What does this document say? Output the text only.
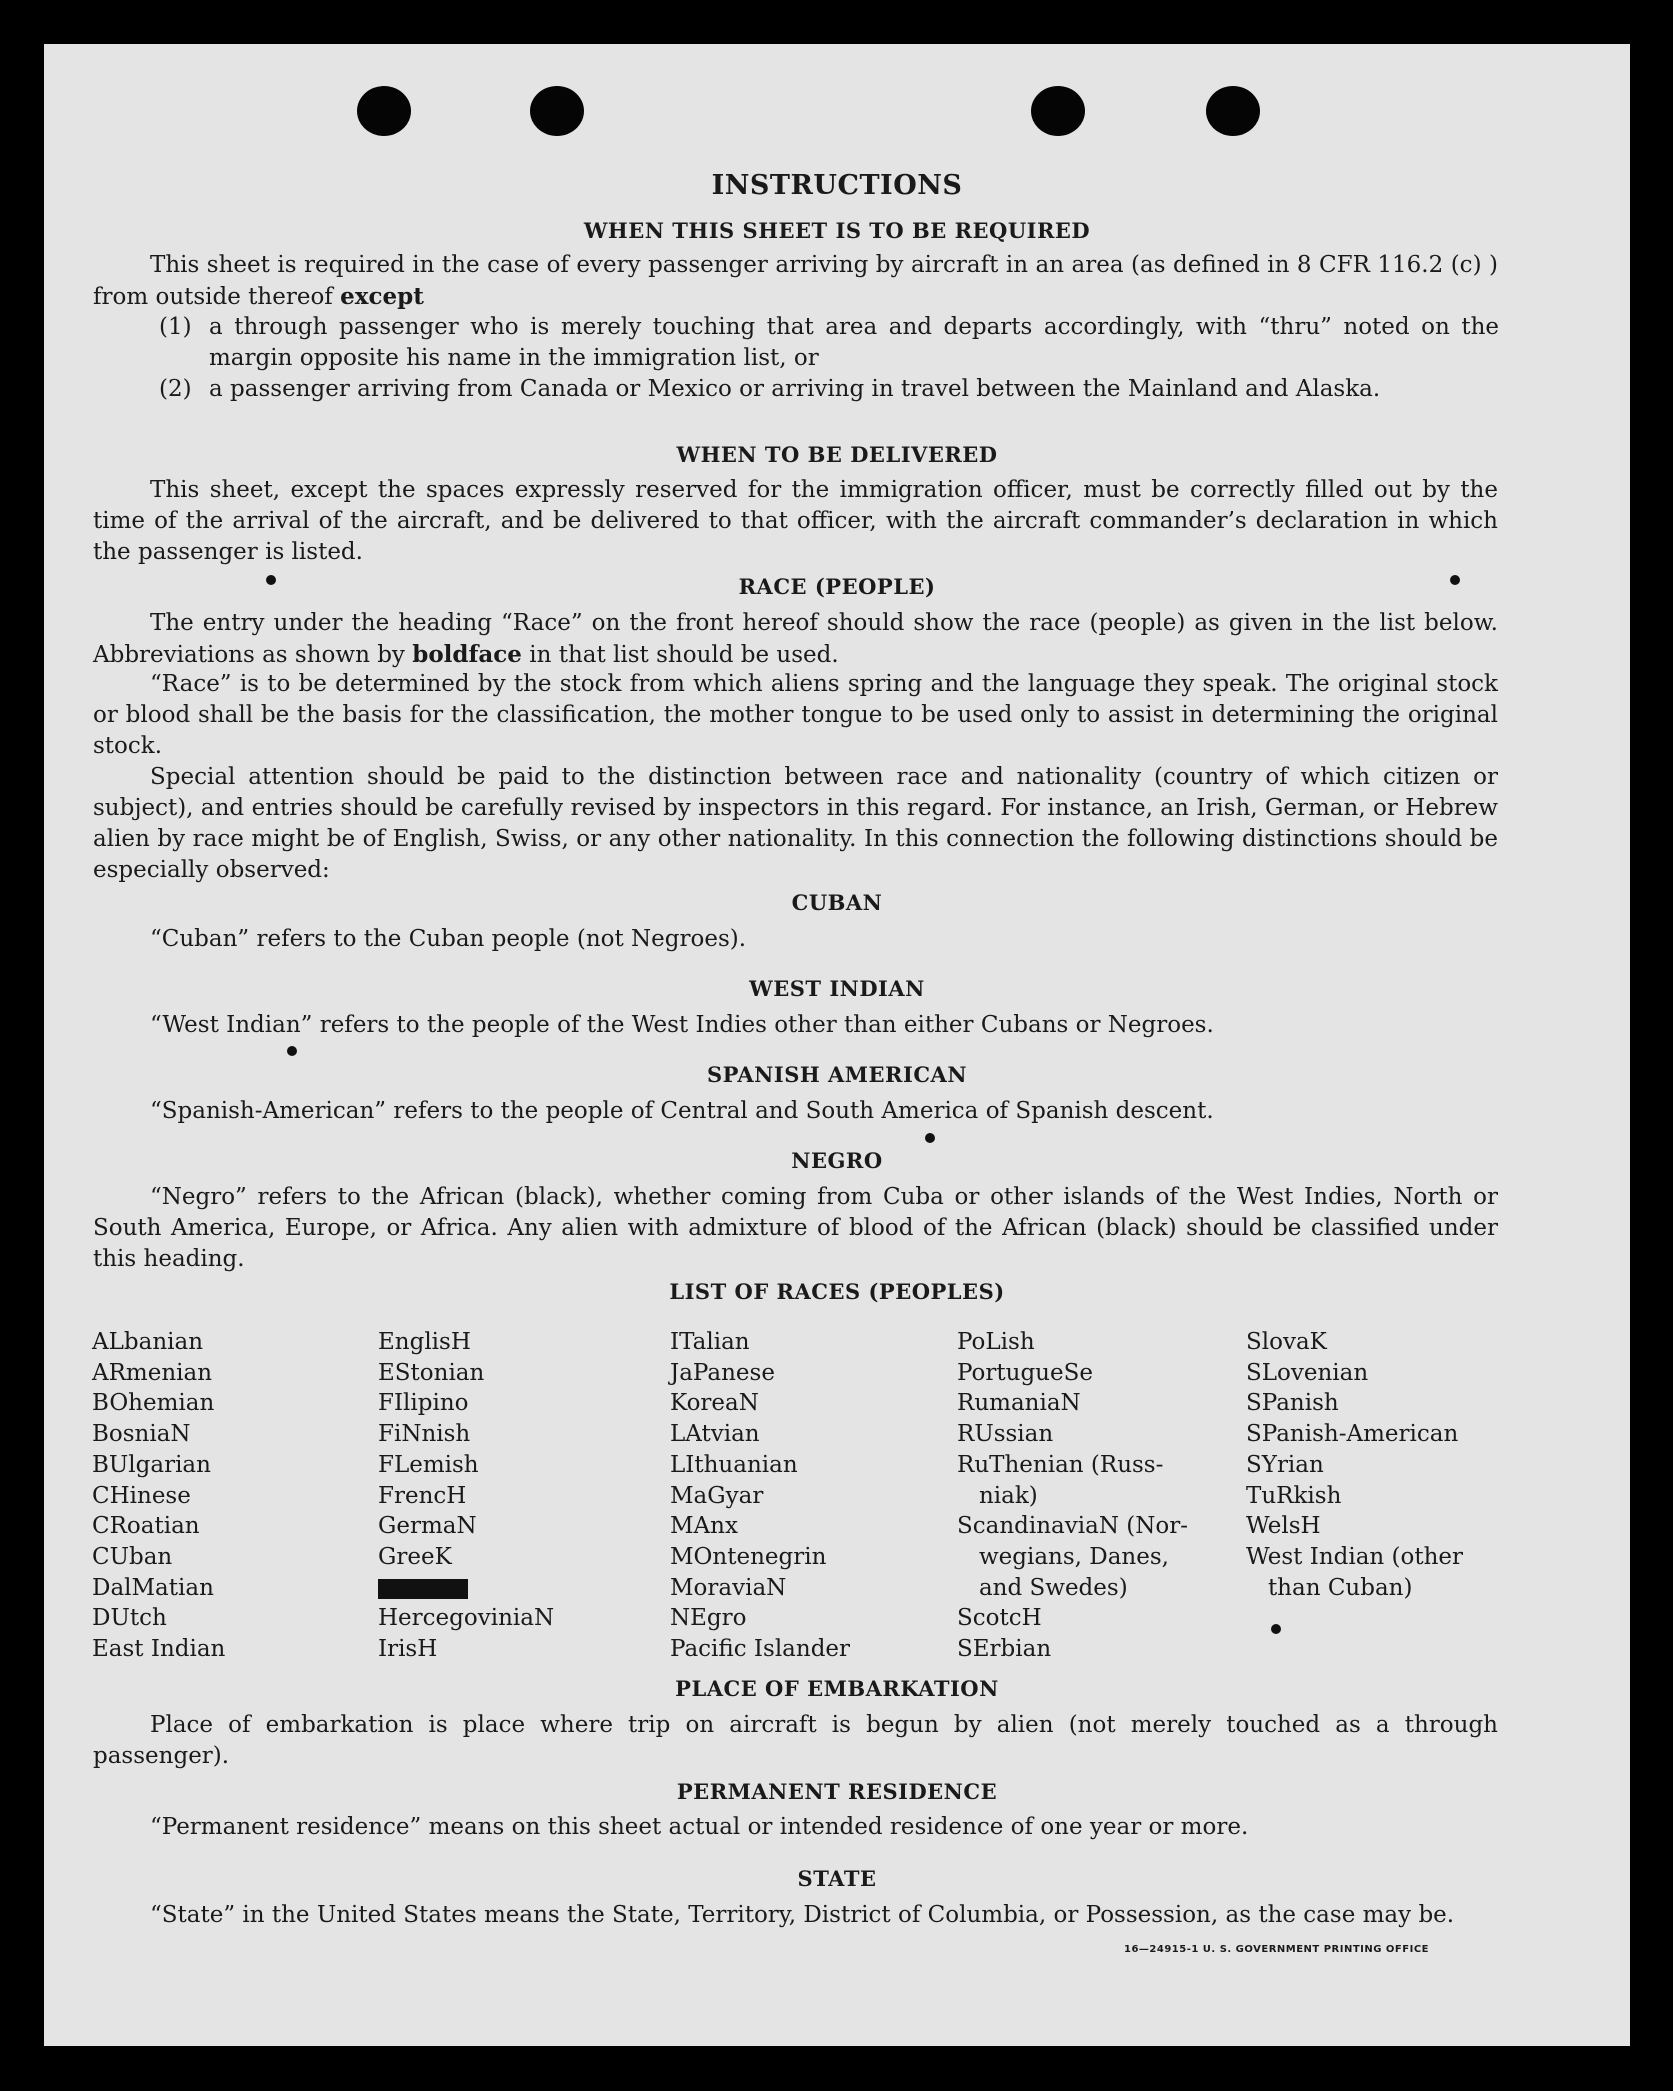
INSTRUCTIONS
WHEN THIS SHEET IS TO BE REQUIRED
This sheet is required in the case of every passenger arriving by aircraft in an area (as defined in 8 CFR 116.2 (c) ) from outside thereof except
(1) a through passenger who is merely touching that area and departs accordingly, with “thru” noted on the margin opposite his name in the immigration list, or
(2) a passenger arriving from Canada or Mexico or arriving in travel between the Mainland and Alaska.
WHEN TO BE DELIVERED
This sheet, except the spaces expressly reserved for the immigration officer, must be correctly filled out by the time of the arrival of the aircraft, and be delivered to that officer, with the aircraft commander’s declaration in which the passenger is listed.
RACE (PEOPLE)
The entry under the heading “Race” on the front hereof should show the race (people) as given in the list below. Abbreviations as shown by boldface in that list should be used.
“Race” is to be determined by the stock from which aliens spring and the language they speak. The original stock or blood shall be the basis for the classification, the mother tongue to be used only to assist in determining the original stock.
Special attention should be paid to the distinction between race and nationality (country of which citizen or subject), and entries should be carefully revised by inspectors in this regard. For instance, an Irish, German, or Hebrew alien by race might be of English, Swiss, or any other nationality. In this connection the following distinctions should be especially observed:
CUBAN
“Cuban” refers to the Cuban people (not Negroes).
WEST INDIAN
“West Indian” refers to the people of the West Indies other than either Cubans or Negroes.
SPANISH AMERICAN
“Spanish-American” refers to the people of Central and South America of Spanish descent.
NEGRO
“Negro” refers to the African (black), whether coming from Cuba or other islands of the West Indies, North or South America, Europe, or Africa. Any alien with admixture of blood of the African (black) should be classified under this heading.
LIST OF RACES (PEOPLES)
ALbanian
ARmenian
BOhemian
BosniaN
BUlgarian
CHinese
CRoatian
CUban
DalMatian
DUtch
East Indian
EnglisH
EStonian
FIlipino
FiNnish
FLemish
FrencH
GermaN
GreeK
HercegoviniaN
IrisH
ITalian
JaPanese
KoreaN
LAtvian
LIthuanian
MaGyar
MAnx
MOntenegrin
MoraviaN
NEgro
Pacific Islander
PoLish
PortugueSe
RumaniaN
RUssian
RuThenian (Russ-
niak)
ScandinaviaN (Nor-
wegians, Danes,
and Swedes)
ScotcH
SErbian
SlovaK
SLovenian
SPanish
SPanish-American
SYrian
TuRkish
WelsH
West Indian (other
than Cuban)
PLACE OF EMBARKATION
Place of embarkation is place where trip on aircraft is begun by alien (not merely touched as a through passenger).
PERMANENT RESIDENCE
“Permanent residence” means on this sheet actual or intended residence of one year or more.
STATE
“State” in the United States means the State, Territory, District of Columbia, or Possession, as the case may be.
16—24915-1 U. S. GOVERNMENT PRINTING OFFICE
